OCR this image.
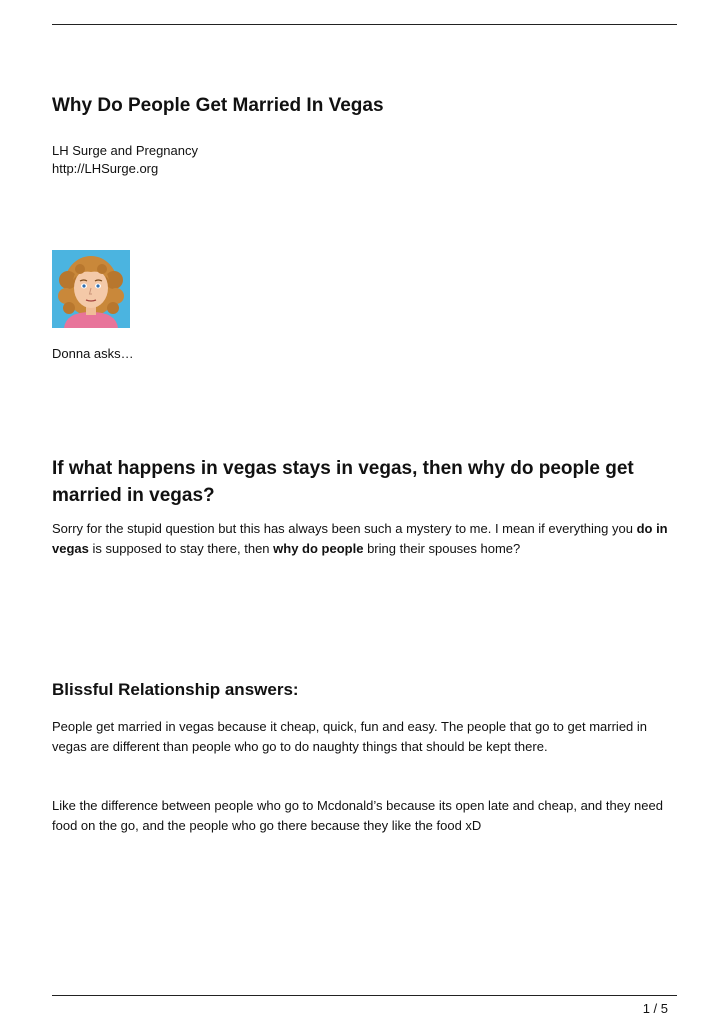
Why Do People Get Married In Vegas
LH Surge and Pregnancy
http://LHSurge.org
Donna asks…
If what happens in vegas stays in vegas, then why do people get married in vegas?

Sorry for the stupid question but this has always been such a mystery to me. I mean if everything you do in vegas is supposed to stay there, then why do people bring their spouses home?

Blissful Relationship answers:

People get married in vegas because it cheap, quick, fun and easy. The people that go to get married in vegas are different than people who go to do naughty things that should be kept there.

Like the difference between people who go to Mcdonald’s because its open late and cheap, and they need food on the go, and the people who go there because they like the food xD

1 / 5
